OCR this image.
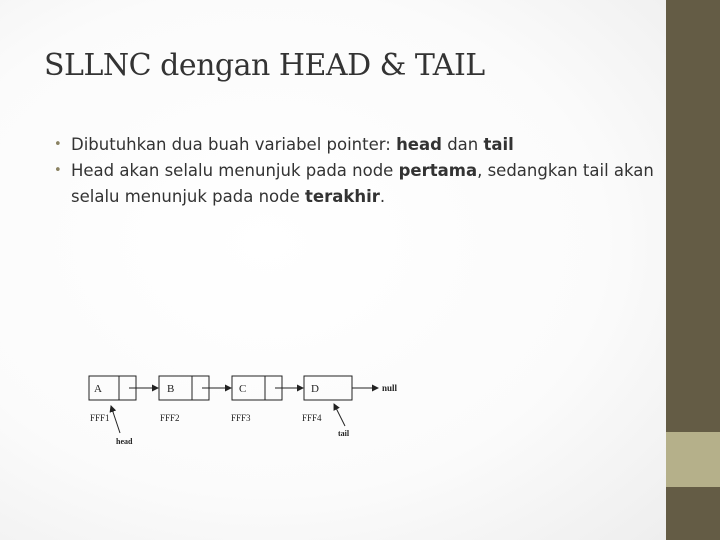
SLLNC dengan HEAD & TAIL
• Dibutuhkan dua buah variabel pointer: head dan tail
• Head akan selalu menunjuk pada node pertama, sedangkan tail akan selalu menunjuk pada node terakhir.
A
FFF1
B
FFF2
C
FFF3
D
FFF4
null
head
tail
